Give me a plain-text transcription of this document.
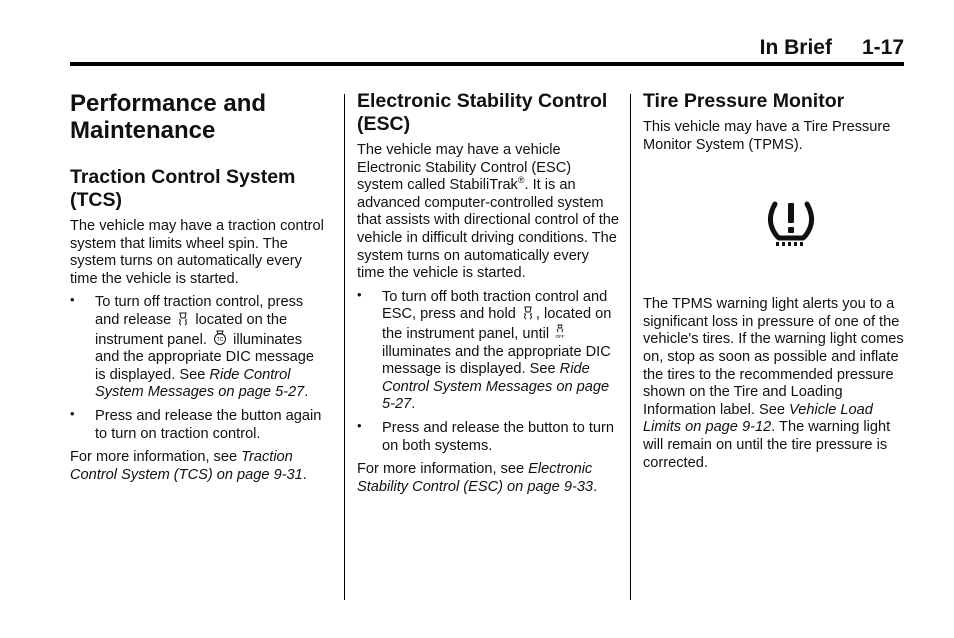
In Brief 1-17
Performance and Maintenance
Traction Control System (TCS)

The vehicle may have a traction control system that limits wheel spin. The system turns on automatically every time the vehicle is started.

• To turn off traction control, press and release located on the instrument panel. TC illuminates and the appropriate DIC message is displayed. See Ride Control System Messages on page 5-27.
• Press and release the button again to turn on traction control.

For more information, see Traction Control System (TCS) on page 9-31.

Electronic Stability Control (ESC)

The vehicle may have a vehicle Electronic Stability Control (ESC) system called StabiliTrak®. It is an advanced computer-controlled system that assists with directional control of the vehicle in difficult driving conditions. The system turns on automatically every time the vehicle is started.

• To turn off both traction control and ESC, press and hold , located on the instrument panel, until OFF
illuminates and the appropriate DIC message is displayed. See Ride Control System Messages on page 5-27.
• Press and release the button to turn on both systems.

For more information, see Electronic Stability Control (ESC) on page 9-33.

Tire Pressure Monitor

This vehicle may have a Tire Pressure Monitor System (TPMS).

The TPMS warning light alerts you to a significant loss in pressure of one of the vehicle's tires. If the warning light comes on, stop as soon as possible and inflate the tires to the recommended pressure shown on the Tire and Loading Information label. See Vehicle Load Limits on page 9-12. The warning light will remain on until the tire pressure is corrected.
